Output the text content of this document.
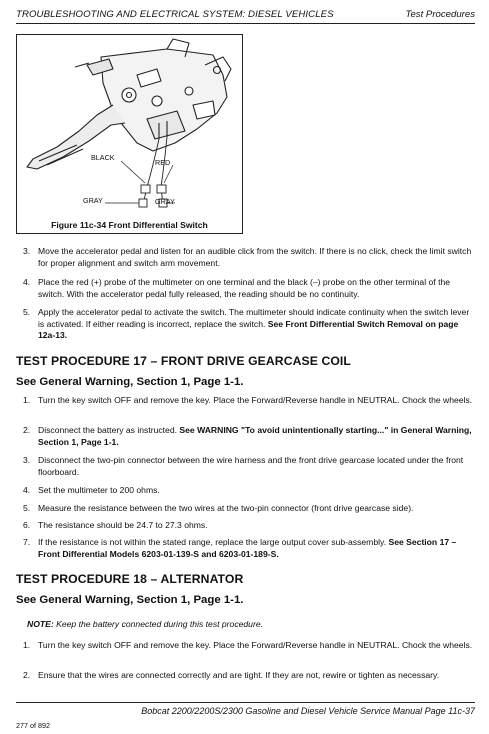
TROUBLESHOOTING AND ELECTRICAL SYSTEM: DIESEL VEHICLES	Test Procedures
BLACK
RED
GRAY	GRAY
Figure 11c-34 Front Differential Switch
3. Move the accelerator pedal and listen for an audible click from the switch. If there is no click, check the limit switch for proper alignment and switch arm movement.
4. Place the red (+) probe of the multimeter on one terminal and the black (–) probe on the other terminal of the switch. With the accelerator pedal fully released, the reading should be no continuity.
5. Apply the accelerator pedal to activate the switch. The multimeter should indicate continuity when the switch lever is activated. If either reading is incorrect, replace the switch. See Front Differential Switch Removal on page 12a-13.
TEST PROCEDURE 17 – FRONT DRIVE GEARCASE COIL
See General Warning, Section 1, Page 1-1.
1. Turn the key switch OFF and remove the key. Place the Forward/Reverse handle in NEUTRAL. Chock the wheels.
2. Disconnect the battery as instructed. See WARNING "To avoid unintentionally starting..." in General Warning, Section 1, Page 1-1.
3. Disconnect the two-pin connector between the wire harness and the front drive gearcase located under the front floorboard.
4. Set the multimeter to 200 ohms.
5. Measure the resistance between the two wires at the two-pin connector (front drive gearcase side).
6. The resistance should be 24.7 to 27.3 ohms.
7. If the resistance is not within the stated range, replace the large output cover sub-assembly. See Section 17 – Front Differential Models 6203-01-139-S and 6203-01-189-S.
TEST PROCEDURE 18 – ALTERNATOR
See General Warning, Section 1, Page 1-1.
NOTE: Keep the battery connected during this test procedure.
1. Turn the key switch OFF and remove the key. Place the Forward/Reverse handle in NEUTRAL. Chock the wheels.
2. Ensure that the wires are connected correctly and are tight. If they are not, rewire or tighten as necessary.
Bobcat 2200/2200S/2300 Gasoline and Diesel Vehicle Service Manual Page 11c-37
277 of 892
